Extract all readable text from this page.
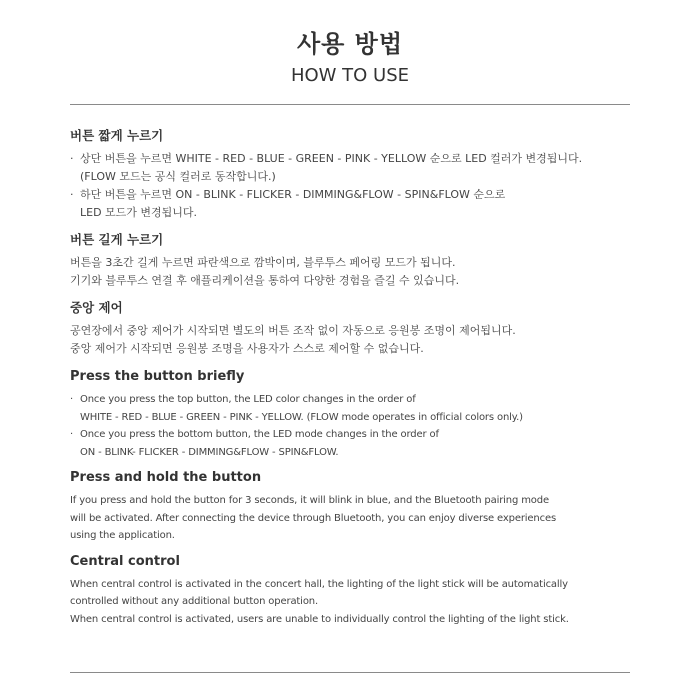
사용 방법
HOW TO USE
버튼 짧게 누르기
· 상단 버튼을 누르면 WHITE - RED - BLUE - GREEN - PINK - YELLOW 순으로 LED 컬러가 변경됩니다.
(FLOW 모드는 공식 컬러로 동작합니다.)
· 하단 버튼을 누르면 ON - BLINK - FLICKER - DIMMING&FLOW - SPIN&FLOW 순으로
LED 모드가 변경됩니다.
버튼 길게 누르기
버튼을 3초간 길게 누르면 파란색으로 깜박이며, 블루투스 페어링 모드가 됩니다.
기기와 블루투스 연결 후 애플리케이션을 통하여 다양한 경험을 즐길 수 있습니다.
중앙 제어
공연장에서 중앙 제어가 시작되면 별도의 버튼 조작 없이 자동으로 응원봉 조명이 제어됩니다.
중앙 제어가 시작되면 응원봉 조명을 사용자가 스스로 제어할 수 없습니다.
Press the button briefly
· Once you press the top button, the LED color changes in the order of
WHITE - RED - BLUE - GREEN - PINK - YELLOW. (FLOW mode operates in official colors only.)
· Once you press the bottom button, the LED mode changes in the order of
ON - BLINK- FLICKER - DIMMING&FLOW - SPIN&FLOW.
Press and hold the button
If you press and hold the button for 3 seconds, it will blink in blue, and the Bluetooth pairing mode
will be activated. After connecting the device through Bluetooth, you can enjoy diverse experiences
using the application.
Central control
When central control is activated in the concert hall, the lighting of the light stick will be automatically
controlled without any additional button operation.
When central control is activated, users are unable to individually control the lighting of the light stick.
